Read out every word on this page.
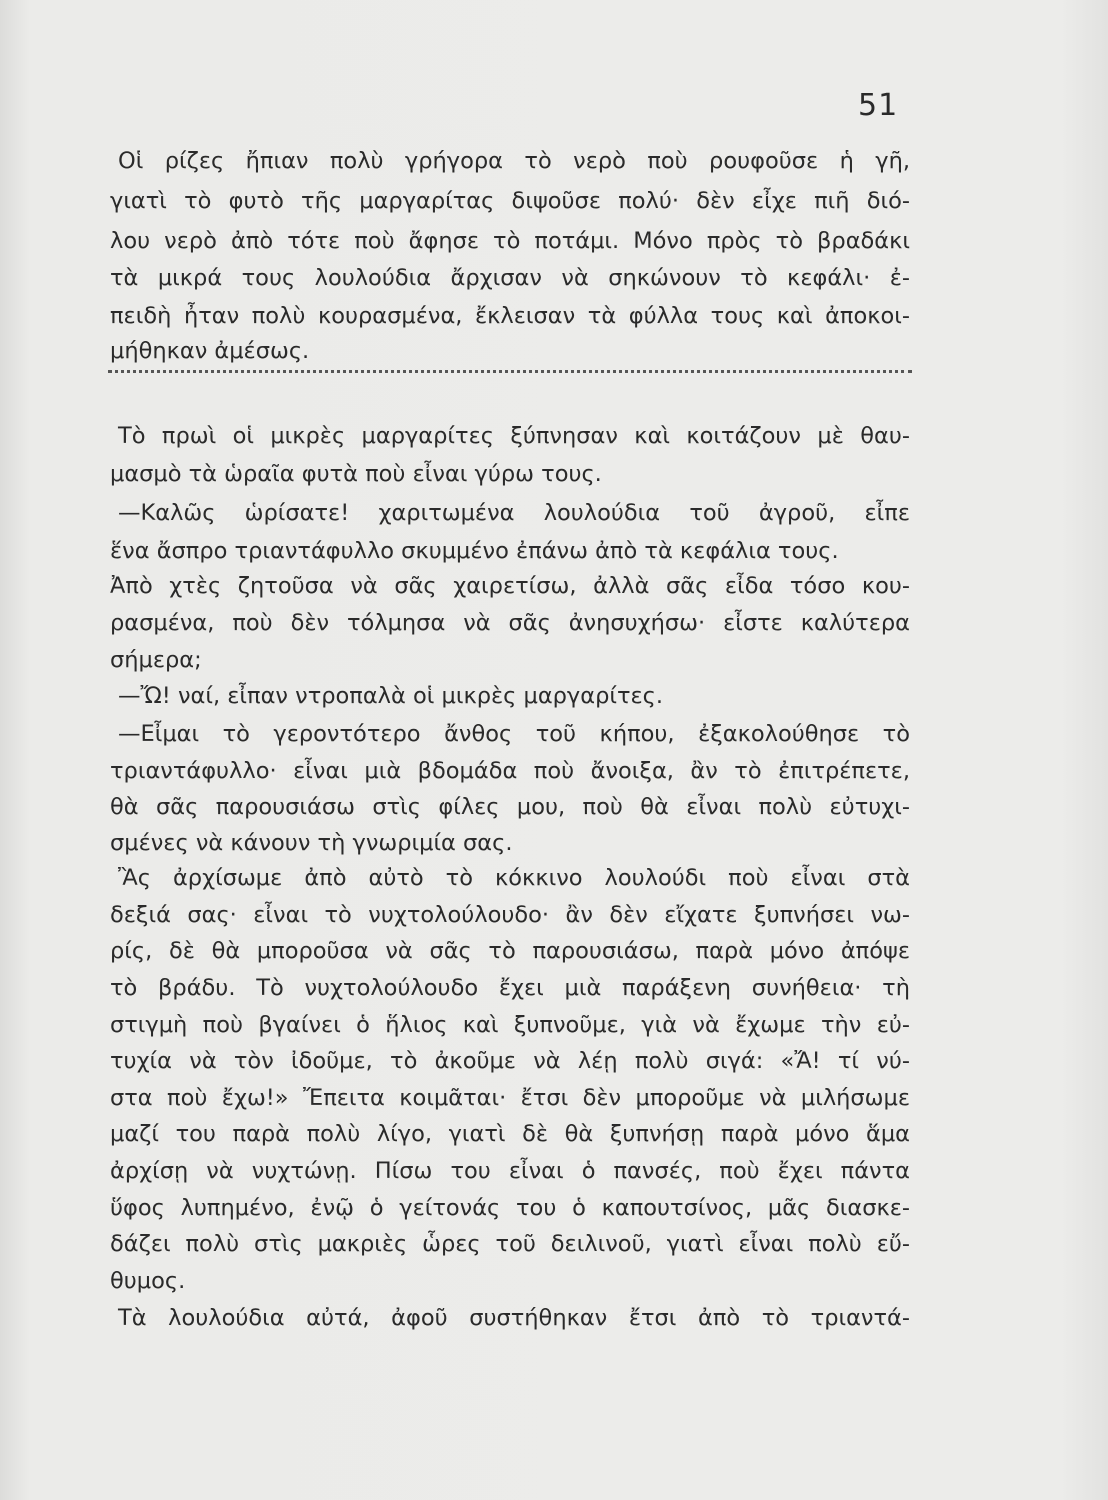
51
Οἱ ρίζες ἤπιαν πολὺ γρήγορα τὸ νερὸ ποὺ ρουφοῦσε ἡ γῆ,
γιατὶ τὸ φυτὸ τῆς μαργαρίτας διψοῦσε πολύ· δὲν εἶχε πιῆ διό-
λου νερὸ ἀπὸ τότε ποὺ ἄφησε τὸ ποτάμι. Μόνο πρὸς τὸ βραδάκι
τὰ μικρά τους λουλούδια ἄρχισαν νὰ σηκώνουν τὸ κεφάλι· ἐ-
πειδὴ ἦταν πολὺ κουρασμένα, ἔκλεισαν τὰ φύλλα τους καὶ ἀποκοι-
μήθηκαν ἀμέσως.
Τὸ πρωὶ οἱ μικρὲς μαργαρίτες ξύπνησαν καὶ κοιτάζουν μὲ θαυ-
μασμὸ τὰ ὡραῖα φυτὰ ποὺ εἶναι γύρω τους.
—Καλῶς ὡρίσατε! χαριτωμένα λουλούδια τοῦ ἀγροῦ, εἶπε
ἕνα ἄσπρο τριαντάφυλλο σκυμμένο ἐπάνω ἀπὸ τὰ κεφάλια τους.
Ἀπὸ χτὲς ζητοῦσα νὰ σᾶς χαιρετίσω, ἀλλὰ σᾶς εἶδα τόσο κου-
ρασμένα, ποὺ δὲν τόλμησα νὰ σᾶς ἀνησυχήσω· εἶστε καλύτερα
σήμερα;
—Ὤ! ναί, εἶπαν ντροπαλὰ οἱ μικρὲς μαργαρίτες.
—Εἶμαι τὸ γεροντότερο ἄνθος τοῦ κήπου, ἐξακολούθησε τὸ
τριαντάφυλλο· εἶναι μιὰ βδομάδα ποὺ ἄνοιξα, ἂν τὸ ἐπιτρέπετε,
θὰ σᾶς παρουσιάσω στὶς φίλες μου, ποὺ θὰ εἶναι πολὺ εὐτυχι-
σμένες νὰ κάνουν τὴ γνωριμία σας.
Ἂς ἀρχίσωμε ἀπὸ αὐτὸ τὸ κόκκινο λουλούδι ποὺ εἶναι στὰ
δεξιά σας· εἶναι τὸ νυχτολούλουδο· ἂν δὲν εἴχατε ξυπνήσει νω-
ρίς, δὲ θὰ μποροῦσα νὰ σᾶς τὸ παρουσιάσω, παρὰ μόνο ἀπόψε
τὸ βράδυ. Τὸ νυχτολούλουδο ἔχει μιὰ παράξενη συνήθεια· τὴ
στιγμὴ ποὺ βγαίνει ὁ ἥλιος καὶ ξυπνοῦμε, γιὰ νὰ ἔχωμε τὴν εὐ-
τυχία νὰ τὸν ἰδοῦμε, τὸ ἀκοῦμε νὰ λέῃ πολὺ σιγά: «Ἄ! τί νύ-
στα ποὺ ἔχω!» Ἔπειτα κοιμᾶται· ἔτσι δὲν μποροῦμε νὰ μιλήσωμε
μαζί του παρὰ πολὺ λίγο, γιατὶ δὲ θὰ ξυπνήσῃ παρὰ μόνο ἅμα
ἀρχίσῃ νὰ νυχτώνῃ. Πίσω του εἶναι ὁ πανσές, ποὺ ἔχει πάντα
ὕφος λυπημένο, ἐνῷ ὁ γείτονάς του ὁ καπουτσίνος, μᾶς διασκε-
δάζει πολὺ στὶς μακριὲς ὧρες τοῦ δειλινοῦ, γιατὶ εἶναι πολὺ εὔ-
θυμος.
Τὰ λουλούδια αὐτά, ἀφοῦ συστήθηκαν ἔτσι ἀπὸ τὸ τριαντά-
